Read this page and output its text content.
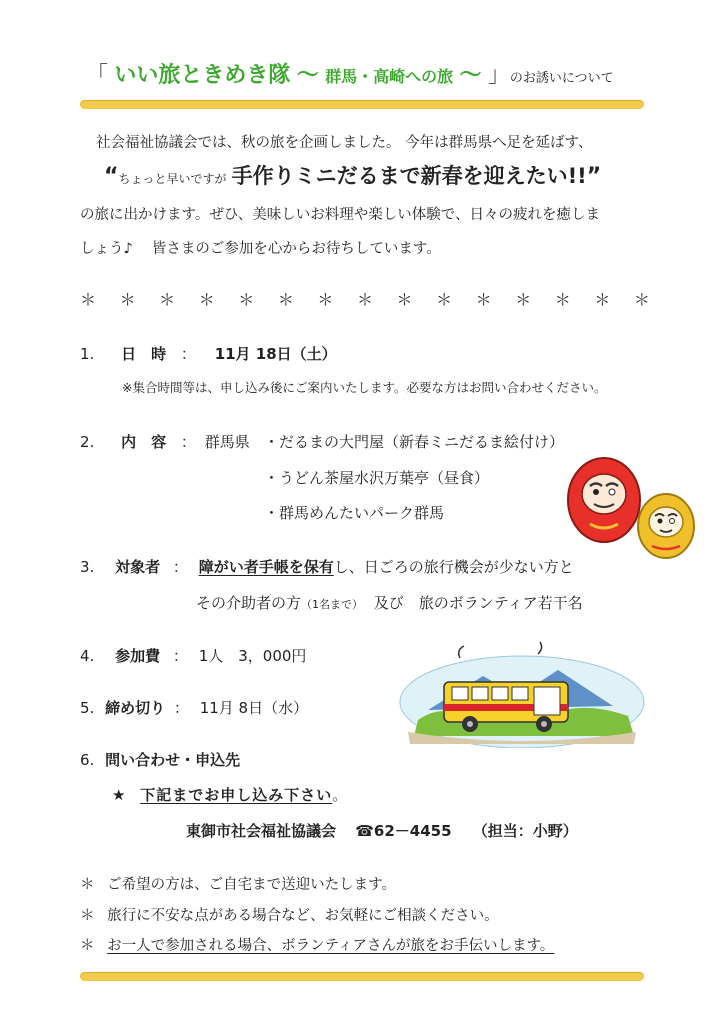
「 いい旅ときめき隊 ～ 群馬・高崎への旅 ～ 」のお誘いについて
社会福祉協議会では、秋の旅を企画しました。 今年は群馬県へ足を延ばす、
“ちょっと早いですが 手作りミニだるまで新春を迎えたい!!”
の旅に出かけます。ぜひ、美味しいお料理や楽しい体験で、日々の疲れを癒しま
しょう♪　 皆さまのご参加を心からお待ちしています。
＊ ＊ ＊ ＊ ＊ ＊ ＊ ＊ ＊ ＊ ＊ ＊ ＊ ＊ ＊
1. 日　時 ： 11月 18日（土）
※集合時間等は、申し込み後にご案内いたします。必要な方はお問い合わせください。
2. 内　容 ： 群馬県 ・だるまの大門屋（新春ミニだるま絵付け）
・うどん茶屋水沢万葉亭（昼食）
・群馬めんたいパーク群馬
3. 対象者 ： 障がい者手帳を保有し、日ごろの旅行機会が少ない方と
その介助者の方（1名まで） 及び　旅のボランティア若干名
4. 参加費 ： 1人　3，000円
5. 締め切り ： 11月 8日（水）
6. 問い合わせ・申込先
★ 下記までお申し込み下さい。
東御市社会福祉協議会 ☎62－4455 （担当：小野）
＊ ご希望の方は、ご自宅まで送迎いたします。
＊ 旅行に不安な点がある場合など、お気軽にご相談ください。
＊ お一人で参加される場合、ボランティアさんが旅をお手伝いします。
